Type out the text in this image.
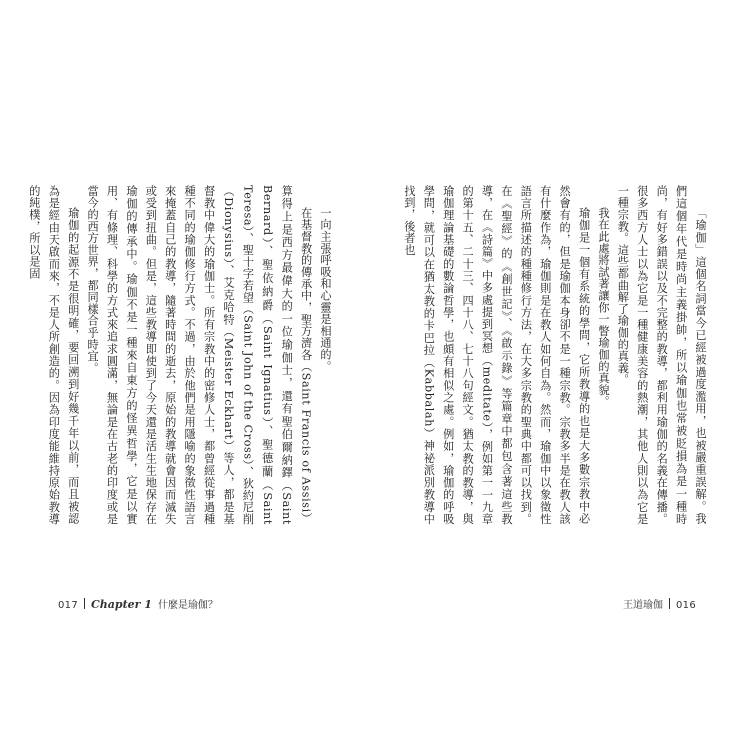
一向主張呼吸和心靈是相通的。

在基督教的傳承中，聖方濟各（Saint Francis of Assisi）算得上是西方最偉大的一位瑜伽士，還有聖伯爾納鐸（Saint Bernard）、聖依納爵（Saint Ignatius）、聖德蘭（Saint Teresa）、聖十字若望（Saint John of the Cross）、狄約尼削（Dionysius）、艾克哈特（Meister Eckhart）等人，都是基督教中偉大的瑜伽士。所有宗教中的密修人士，都曾經從事過種種不同的瑜伽修行方式。不過，由於他們是用隱喻的象徵性語言來掩蓋自己的教導，隨著時間的逝去，原始的教導就會因而滅失或受到扭曲。但是，這些教導即使到了今天還是活生生地保存在瑜伽的傳承中。瑜伽不是一種來自東方的怪異哲學，它是以實用、有條理、科學的方式來追求圓滿，無論是在古老的印度或是當今的西方世界，都同樣合乎時宜。

瑜伽的起源不是很明確，要回溯到好幾千年以前，而且被認為是經由天啟而來，不是人所創造的。因為印度能維持原始教導的純樸，所以是固

017 Chapter 1 什麼是瑜伽？

「瑜伽」這個名詞當今已經被過度濫用，也被嚴重誤解。我們這個年代是時尚主義掛帥，所以瑜伽也常被貶損為是一種時尚，有好多錯誤以及不完整的教導，都利用瑜伽的名義在傳播。很多西方人士以為它是一種健康美容的熱潮，其他人則以為它是一種宗教。這些都曲解了瑜伽的真義。

我在此處將試著讓你一瞥瑜伽的真貌。

瑜伽是一個有系統的學問，它所教導的也是大多數宗教中必然會有的，但是瑜伽本身卻不是一種宗教。宗教多半是在教人該有什麼作為，瑜伽則是在教人如何自為。然而，瑜伽中以象徵性語言所描述的種種修行方法，在大多宗教的聖典中都可以找到。在《聖經》的《創世記》、《啟示錄》等篇章中都包含著這些教導，在《詩篇》中多處提到冥想（meditate），例如第一一九章的第十五、二十三、四十八、七十八句經文。猶太教的教導，與瑜伽理論基礎的數論哲學，也頗有相似之處。例如，瑜伽的呼吸學問，就可以在猶太教的卡巴拉（Kabbalah）神祕派別教導中找到，後者也

王道瑜伽 016
